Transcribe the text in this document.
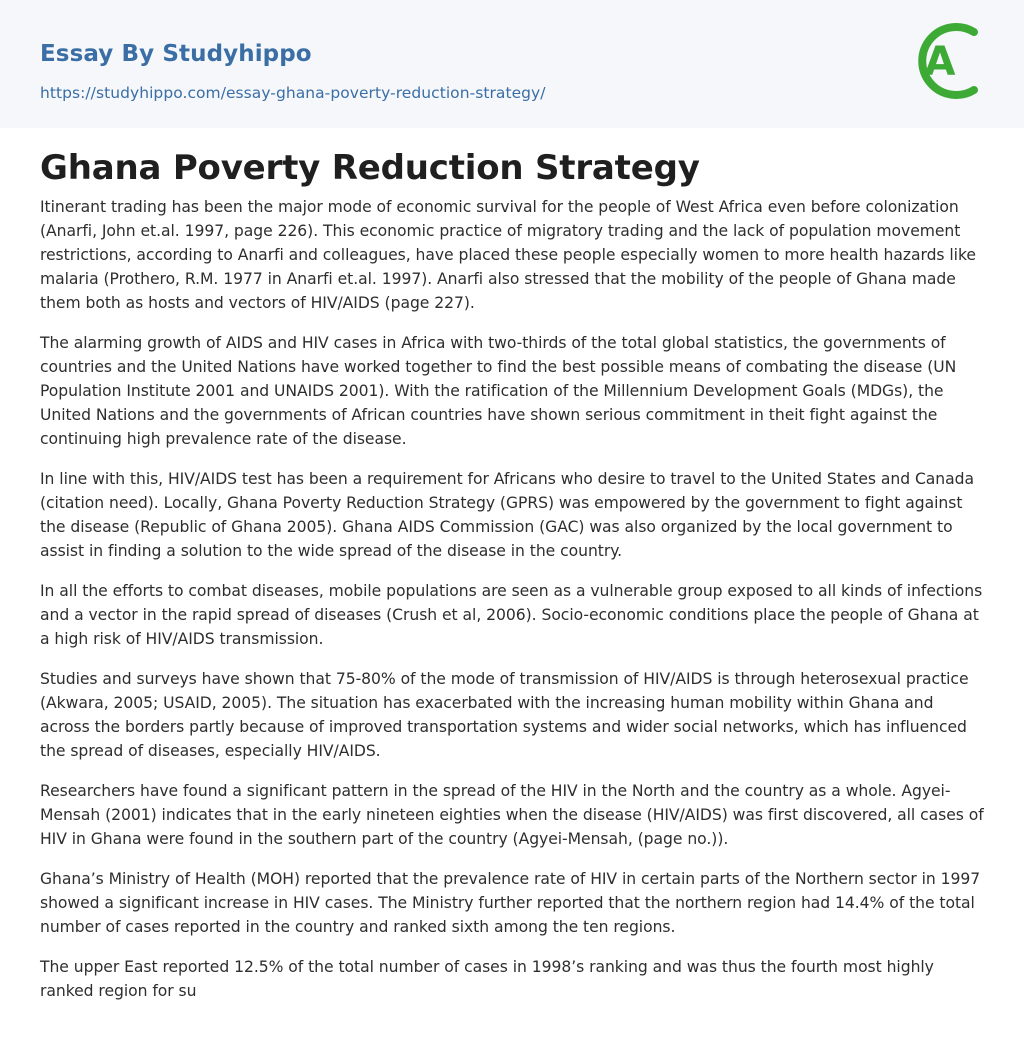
Essay By Studyhippo
https://studyhippo.com/essay-ghana-poverty-reduction-strategy/
A
Ghana Poverty Reduction Strategy

Itinerant trading has been the major mode of economic survival for the people of West Africa even before colonization (Anarfi, John et.al. 1997, page 226). This economic practice of migratory trading and the lack of population movement restrictions, according to Anarfi and colleagues, have placed these people especially women to more health hazards like malaria (Prothero, R.M. 1977 in Anarfi et.al. 1997). Anarfi also stressed that the mobility of the people of Ghana made them both as hosts and vectors of HIV/AIDS (page 227).

The alarming growth of AIDS and HIV cases in Africa with two-thirds of the total global statistics, the governments of countries and the United Nations have worked together to find the best possible means of combating the disease (UN Population Institute 2001 and UNAIDS 2001). With the ratification of the Millennium Development Goals (MDGs), the United Nations and the governments of African countries have shown serious commitment in theit fight against the continuing high prevalence rate of the disease.

In line with this, HIV/AIDS test has been a requirement for Africans who desire to travel to the United States and Canada (citation need). Locally, Ghana Poverty Reduction Strategy (GPRS) was empowered by the government to fight against the disease (Republic of Ghana 2005). Ghana AIDS Commission (GAC) was also organized by the local government to assist in finding a solution to the wide spread of the disease in the country.

In all the efforts to combat diseases, mobile populations are seen as a vulnerable group exposed to all kinds of infections and a vector in the rapid spread of diseases (Crush et al, 2006). Socio-economic conditions place the people of Ghana at a high risk of HIV/AIDS transmission.

Studies and surveys have shown that 75-80% of the mode of transmission of HIV/AIDS is through heterosexual practice (Akwara, 2005; USAID, 2005). The situation has exacerbated with the increasing human mobility within Ghana and across the borders partly because of improved transportation systems and wider social networks, which has influenced the spread of diseases, especially HIV/AIDS.

Researchers have found a significant pattern in the spread of the HIV in the North and the country as a whole. Agyei-Mensah (2001) indicates that in the early nineteen eighties when the disease (HIV/AIDS) was first discovered, all cases of HIV in Ghana were found in the southern part of the country (Agyei-Mensah, (page no.)).

Ghana’s Ministry of Health (MOH) reported that the prevalence rate of HIV in certain parts of the Northern sector in 1997 showed a significant increase in HIV cases. The Ministry further reported that the northern region had 14.4% of the total number of cases reported in the country and ranked sixth among the ten regions.

The upper East reported 12.5% of the total number of cases in 1998’s ranking and was thus the fourth most highly ranked region for su
